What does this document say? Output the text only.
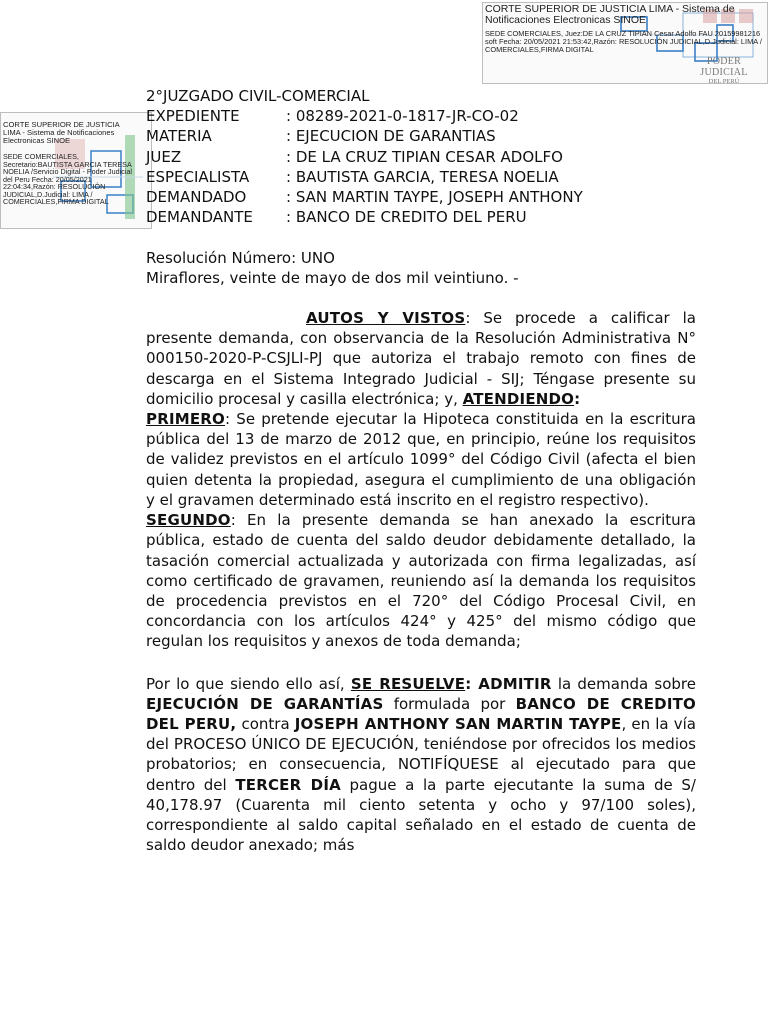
CORTE SUPERIOR DE JUSTICIA LIMA - Sistema de Notificaciones Electronicas SINOE
SEDE COMERCIALES, Juez:DE LA CRUZ TIPIAN Cesar Adolfo FAU 20159981216 soft Fecha: 20/05/2021 21:53:42,Razón: RESOLUCIÓN JUDICIAL,D.Judicial: LIMA / COMERCIALES,FIRMA DIGITAL
PODER JUDICIAL
DEL PERÚ
CORTE SUPERIOR DE JUSTICIA LIMA - Sistema de Notificaciones Electronicas SINOE
SEDE COMERCIALES, Secretario:BAUTISTA GARCIA TERESA NOELIA /Servicio Digital - Poder Judicial del Peru Fecha: 20/05/2021 22:04:34,Razón: RESOLUCIÓN JUDICIAL,D.Judicial: LIMA / COMERCIALES,FIRMA DIGITAL
2°JUZGADO CIVIL-COMERCIAL
EXPEDIENTE	: 08289-2021-0-1817-JR-CO-02
MATERIA	: EJECUCION DE GARANTIAS
JUEZ	: DE LA CRUZ TIPIAN CESAR ADOLFO
ESPECIALISTA	: BAUTISTA GARCIA, TERESA NOELIA
DEMANDADO	: SAN MARTIN TAYPE, JOSEPH ANTHONY
DEMANDANTE	: BANCO DE CREDITO DEL PERU
Resolución Número: UNO
Miraflores, veinte de mayo de dos mil veintiuno. -

AUTOS Y VISTOS: Se procede a calificar la presente demanda, con observancia de la Resolución Administrativa N° 000150-2020-P-CSJLI-PJ que autoriza el trabajo remoto con fines de descarga en el Sistema Integrado Judicial - SIJ; Téngase presente su domicilio procesal y casilla electrónica; y, ATENDIENDO:

PRIMERO: Se pretende ejecutar la Hipoteca constituida en la escritura pública del 13 de marzo de 2012 que, en principio, reúne los requisitos de validez previstos en el artículo 1099° del Código Civil (afecta el bien quien detenta la propiedad, asegura el cumplimiento de una obligación y el gravamen determinado está inscrito en el registro respectivo).

SEGUNDO: En la presente demanda se han anexado la escritura pública, estado de cuenta del saldo deudor debidamente detallado, la tasación comercial actualizada y autorizada con firma legalizadas, así como certificado de gravamen, reuniendo así la demanda los requisitos de procedencia previstos en el 720° del Código Procesal Civil, en concordancia con los artículos 424° y 425° del mismo código que regulan los requisitos y anexos de toda demanda;

Por lo que siendo ello así, SE RESUELVE: ADMITIR la demanda sobre EJECUCIÓN DE GARANTÍAS formulada por BANCO DE CREDITO DEL PERU, contra JOSEPH ANTHONY SAN MARTIN TAYPE, en la vía del PROCESO ÚNICO DE EJECUCIÓN, teniéndose por ofrecidos los medios probatorios; en consecuencia, NOTIFÍQUESE al ejecutado para que dentro del TERCER DÍA pague a la parte ejecutante la suma de S/ 40,178.97 (Cuarenta mil ciento setenta y ocho y 97/100 soles), correspondiente al saldo capital señalado en el estado de cuenta de saldo deudor anexado; más
